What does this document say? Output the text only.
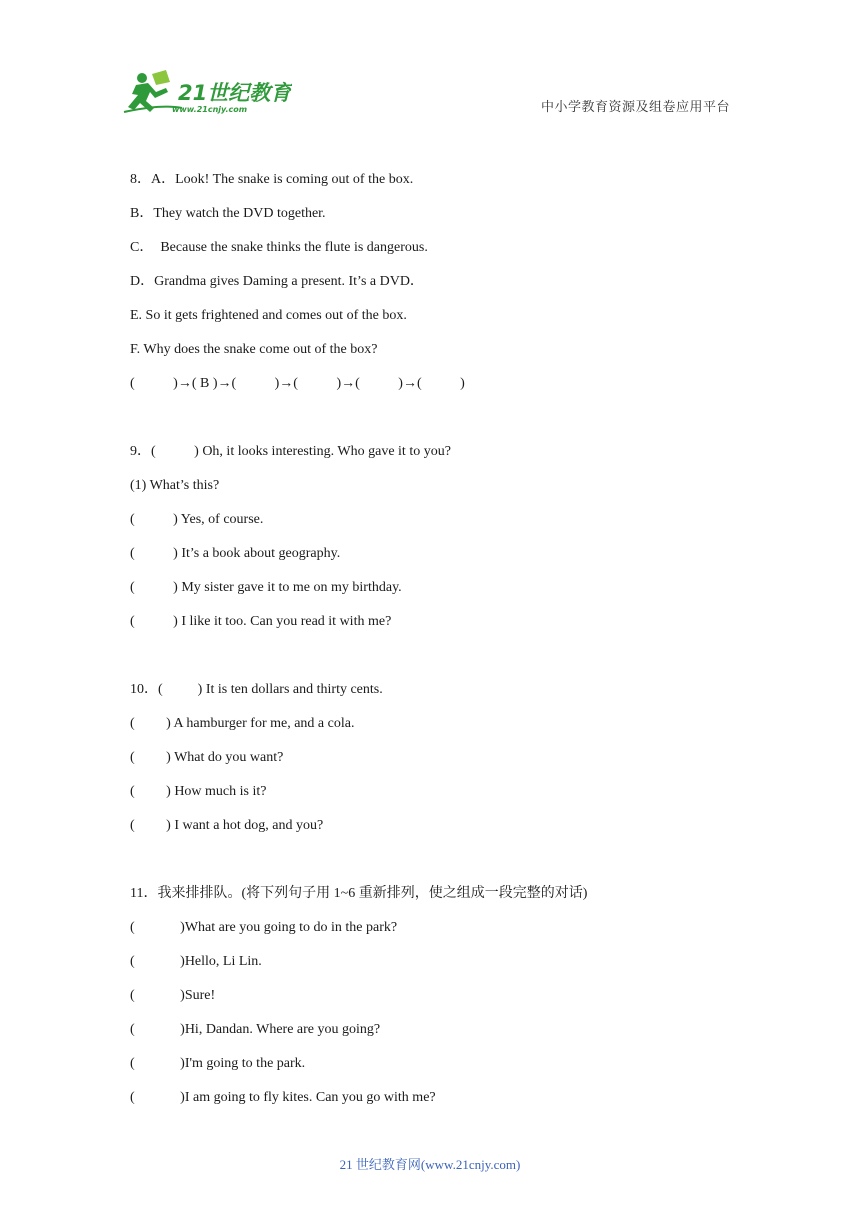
21世纪教育
www.21cnjy.com	中小学教育资源及组卷应用平台
8．A．Look! The snake is coming out of the box.
B．They watch the DVD together.
C．  Because the snake thinks the flute is dangerous.
D．Grandma gives Daming a present. It’s a DVD．
E. So it gets frightened and comes out of the box.
F. Why does the snake come out of the box?
(           )→( B )→(           )→(           )→(           )→(           )
9．(           ) Oh, it looks interesting. Who gave it to you?
(1) What’s this?
(           ) Yes, of course.
(           ) It’s a book about geography.
(           ) My sister gave it to me on my birthday.
(           ) I like it too. Can you read it with me?
10．(          ) It is ten dollars and thirty cents.
(         ) A hamburger for me, and a cola.
(         ) What do you want?
(         ) How much is it?
(         ) I want a hot dog, and you?
11．我来排排队。(将下列句子用 1~6 重新排列，使之组成一段完整的对话)
(             )What are you going to do in the park?
(             )Hello, Li Lin.
(             )Sure!
(             )Hi, Dandan. Where are you going?
(             )I'm going to the park.
(             )I am going to fly kites. Can you go with me?
21 世纪教育网(www.21cnjy.com)
